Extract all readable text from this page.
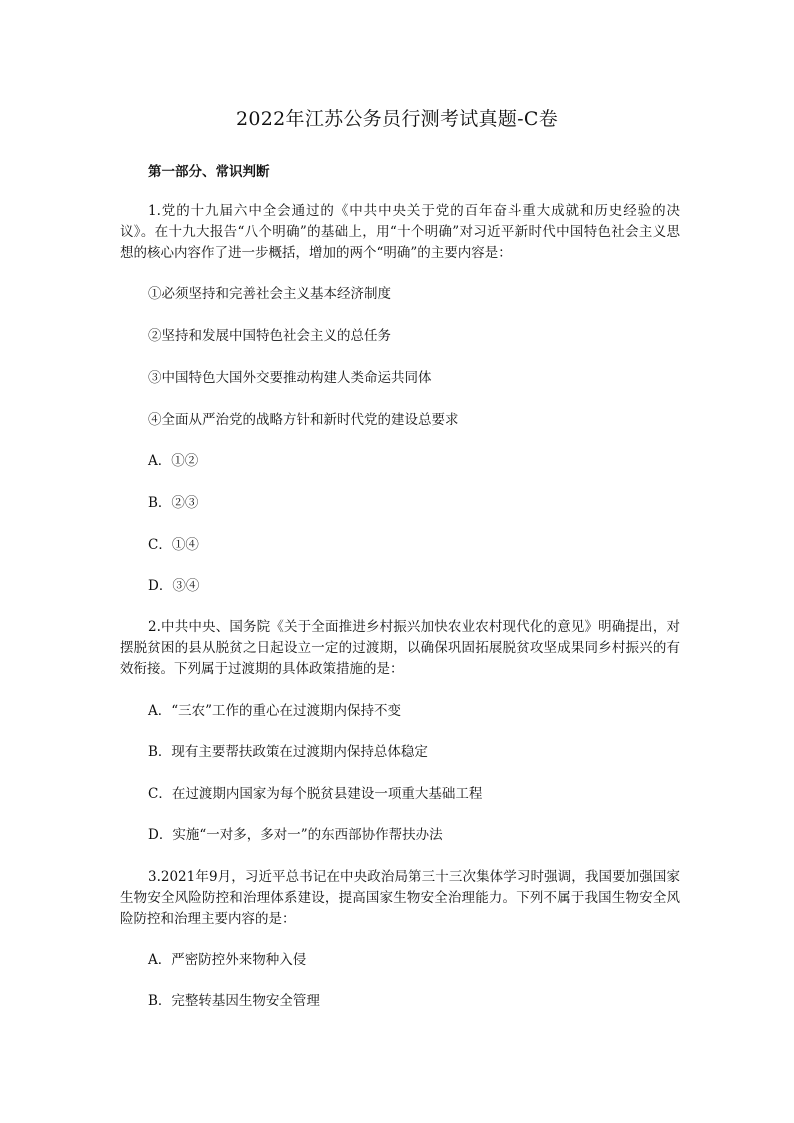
2022年江苏公务员行测考试真题-C卷
第一部分、常识判断

1.党的十九届六中全会通过的《中共中央关于党的百年奋斗重大成就和历史经验的决议》。在十九大报告“八个明确”的基础上，用“十个明确”对习近平新时代中国特色社会主义思想的核心内容作了进一步概括，增加的两个“明确”的主要内容是：

①必须坚持和完善社会主义基本经济制度

②坚持和发展中国特色社会主义的总任务

③中国特色大国外交要推动构建人类命运共同体

④全面从严治党的战略方针和新时代党的建设总要求

A．①②

B．②③

C．①④

D．③④

2.中共中央、国务院《关于全面推进乡村振兴加快农业农村现代化的意见》明确提出，对摆脱贫困的县从脱贫之日起设立一定的过渡期，以确保巩固拓展脱贫攻坚成果同乡村振兴的有效衔接。下列属于过渡期的具体政策措施的是：

A．“三农”工作的重心在过渡期内保持不变

B．现有主要帮扶政策在过渡期内保持总体稳定

C．在过渡期内国家为每个脱贫县建设一项重大基础工程

D．实施“一对多，多对一”的东西部协作帮扶办法

3.2021年9月，习近平总书记在中央政治局第三十三次集体学习时强调，我国要加强国家生物安全风险防控和治理体系建设，提高国家生物安全治理能力。下列不属于我国生物安全风险防控和治理主要内容的是：

A．严密防控外来物种入侵

B．完整转基因生物安全管理
